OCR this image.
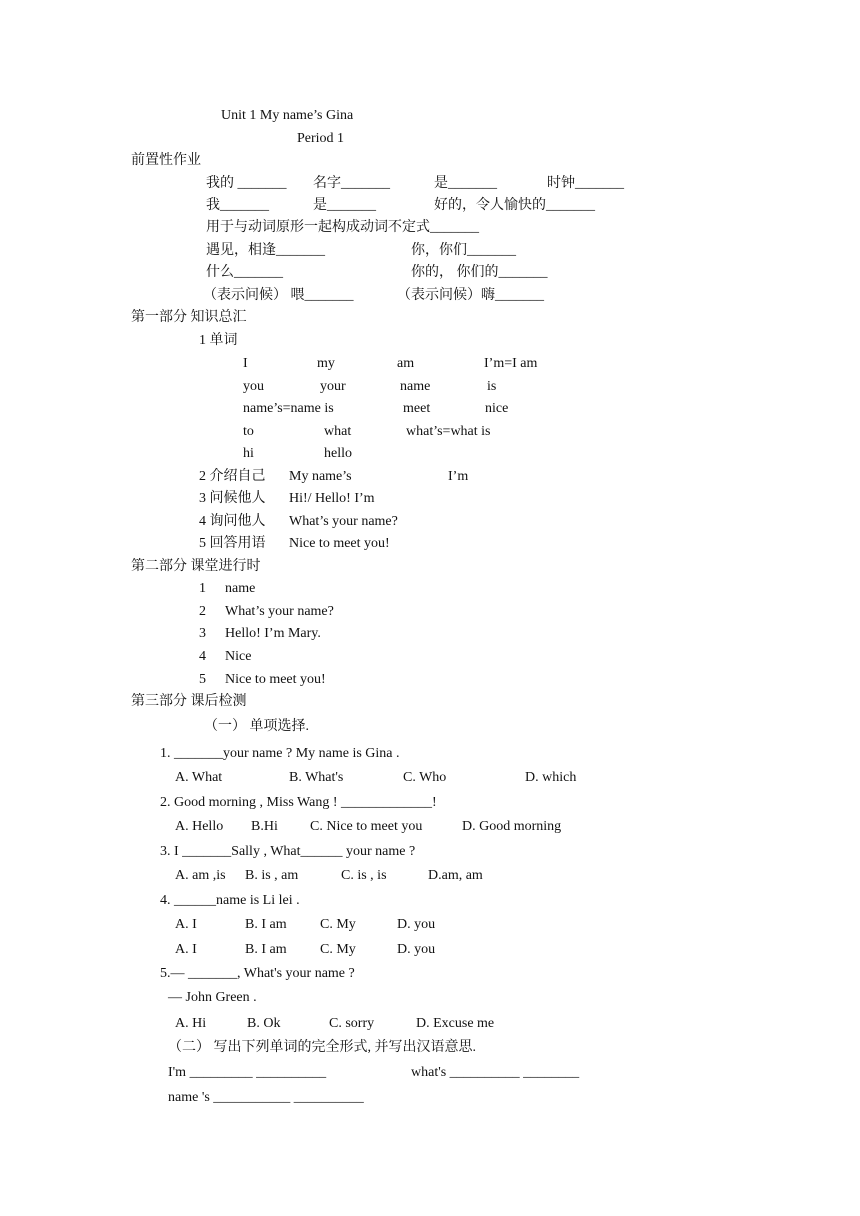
Unit 1 My name’s Gina
Period 1
前置性作业
我的 _______ 名字_______	是_______	时钟_______
我_______	是_______	好的，令人愉快的_______
用于与动词原形一起构成动词不定式_______
遇见，相逢_______	你，你们_______
什么_______	你的， 你们的_______
（表示问候） 喂_______	（表示问候）嗨_______
第一部分 知识总汇
1 单词
I	my	am	I’m=I am
you	your	name	is
name’s=name is	meet	nice
to	what	what’s=what is
hi	hello
2 介绍自己 My name’s	I’m
3 问候他人 Hi!/ Hello! I’m
4 询问他人 What’s your name?
5 回答用语 Nice to meet you!
第二部分 课堂进行时
1 name
2 What’s your name?
3 Hello! I’m Mary.
4 Nice
5 Nice to meet you!
第三部分 课后检测
（一） 单项选择.
1. _______your name ? My name is Gina .
A. What	B. What's	C. Who	D. which
2. Good morning , Miss Wang ! _____________!
A. Hello B.Hi C. Nice to meet you	D. Good morning
3. I _______Sally , What______ your name ?
A. am ,is B. is , am	C. is , is	D.am, am
4. ______name is Li lei .
A. I	B. I am C. My	D. you
A. I	B. I am C. My	D. you
5.— _______, What's your name ?
— John Green .
A. Hi	B. Ok	C. sorry	D. Excuse me
（二） 写出下列单词的完全形式, 并写出汉语意思.
I'm _________ __________	what's __________ ________
name 's ___________ __________
